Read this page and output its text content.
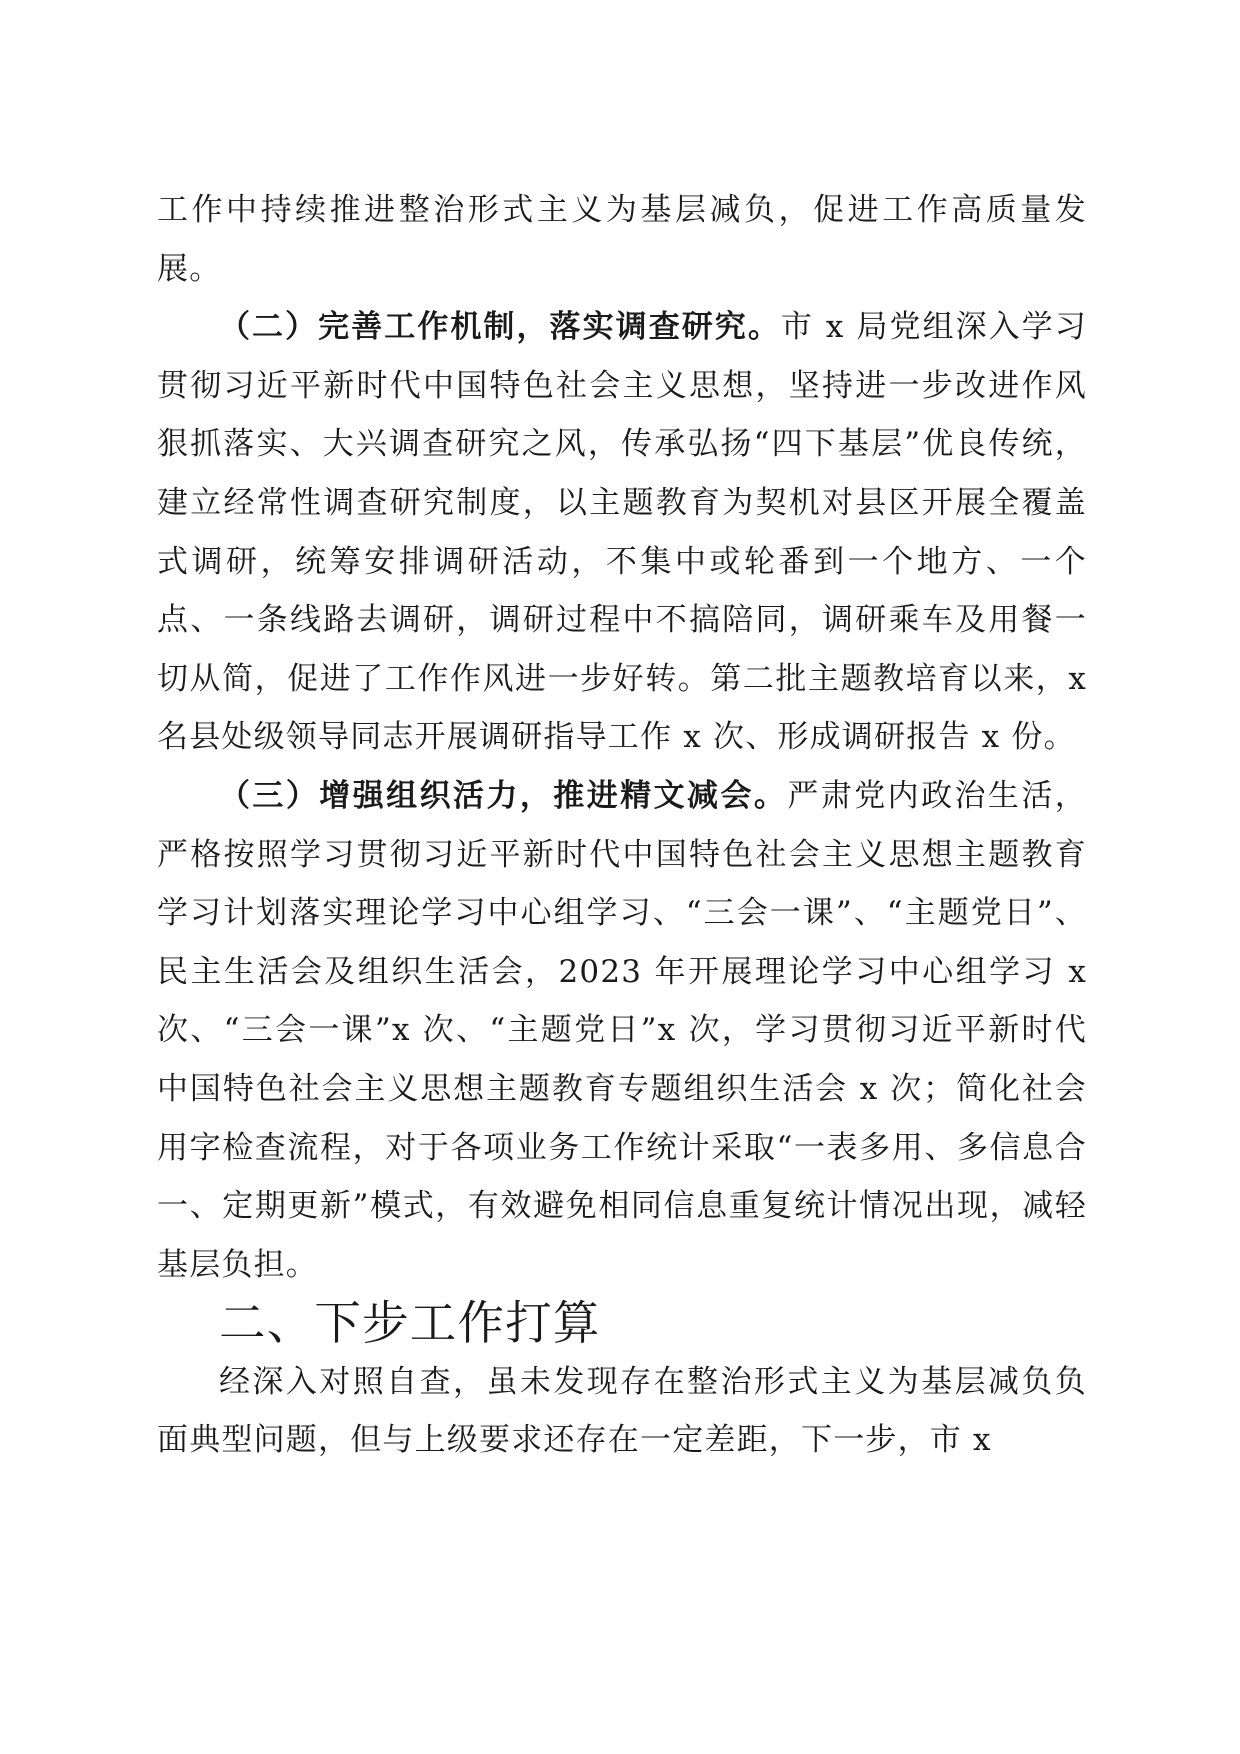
工作中持续推进整治形式主义为基层减负，促进工作高质量发展。

（二）完善工作机制，落实调查研究。市 x 局党组深入学习贯彻习近平新时代中国特色社会主义思想，坚持进一步改进作风狠抓落实、大兴调查研究之风，传承弘扬“四下基层”优良传统，建立经常性调查研究制度，以主题教育为契机对县区开展全覆盖式调研，统筹安排调研活动，不集中或轮番到一个地方、一个点、一条线路去调研，调研过程中不搞陪同，调研乘车及用餐一切从简，促进了工作作风进一步好转。第二批主题教培育以来，x 名县处级领导同志开展调研指导工作 x 次、形成调研报告 x 份。

（三）增强组织活力，推进精文减会。严肃党内政治生活，严格按照学习贯彻习近平新时代中国特色社会主义思想主题教育学习计划落实理论学习中心组学习、“三会一课”、“主题党日”、民主生活会及组织生活会，2023 年开展理论学习中心组学习 x 次、“三会一课”x 次、“主题党日”x 次，学习贯彻习近平新时代中国特色社会主义思想主题教育专题组织生活会 x 次；简化社会用字检查流程，对于各项业务工作统计采取“一表多用、多信息合一、定期更新”模式，有效避免相同信息重复统计情况出现，减轻基层负担。

二、下步工作打算

经深入对照自查，虽未发现存在整治形式主义为基层减负负面典型问题，但与上级要求还存在一定差距，下一步，市 x
